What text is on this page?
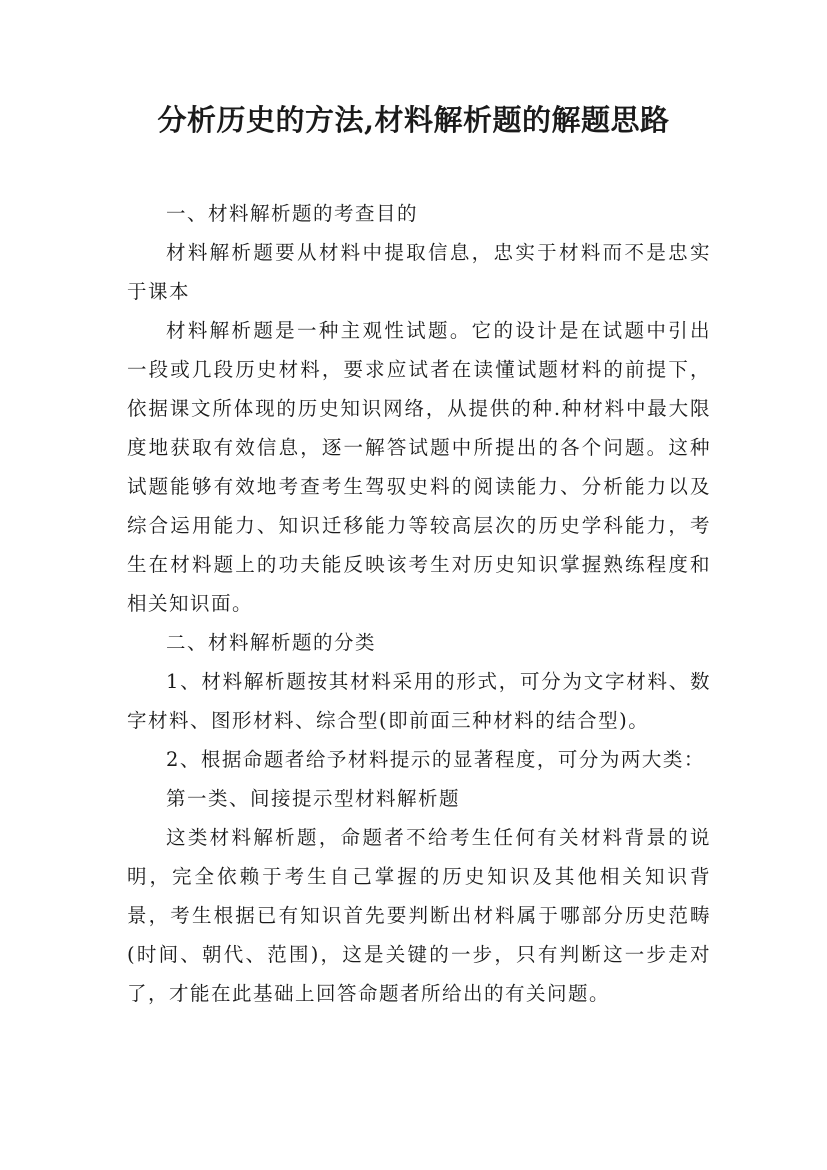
分析历史的方法,材料解析题的解题思路

一、材料解析题的考查目的

材料解析题要从材料中提取信息，忠实于材料而不是忠实于课本

材料解析题是一种主观性试题。它的设计是在试题中引出一段或几段历史材料，要求应试者在读懂试题材料的前提下，依据课文所体现的历史知识网络，从提供的种.种材料中最大限度地获取有效信息，逐一解答试题中所提出的各个问题。这种试题能够有效地考查考生驾驭史料的阅读能力、分析能力以及综合运用能力、知识迁移能力等较高层次的历史学科能力，考生在材料题上的功夫能反映该考生对历史知识掌握熟练程度和相关知识面。

二、材料解析题的分类

1、材料解析题按其材料采用的形式，可分为文字材料、数字材料、图形材料、综合型(即前面三种材料的结合型)。

2、根据命题者给予材料提示的显著程度，可分为两大类：

第一类、间接提示型材料解析题

这类材料解析题，命题者不给考生任何有关材料背景的说明，完全依赖于考生自己掌握的历史知识及其他相关知识背景，考生根据已有知识首先要判断出材料属于哪部分历史范畴(时间、朝代、范围)，这是关键的一步，只有判断这一步走对了，才能在此基础上回答命题者所给出的有关问题。
